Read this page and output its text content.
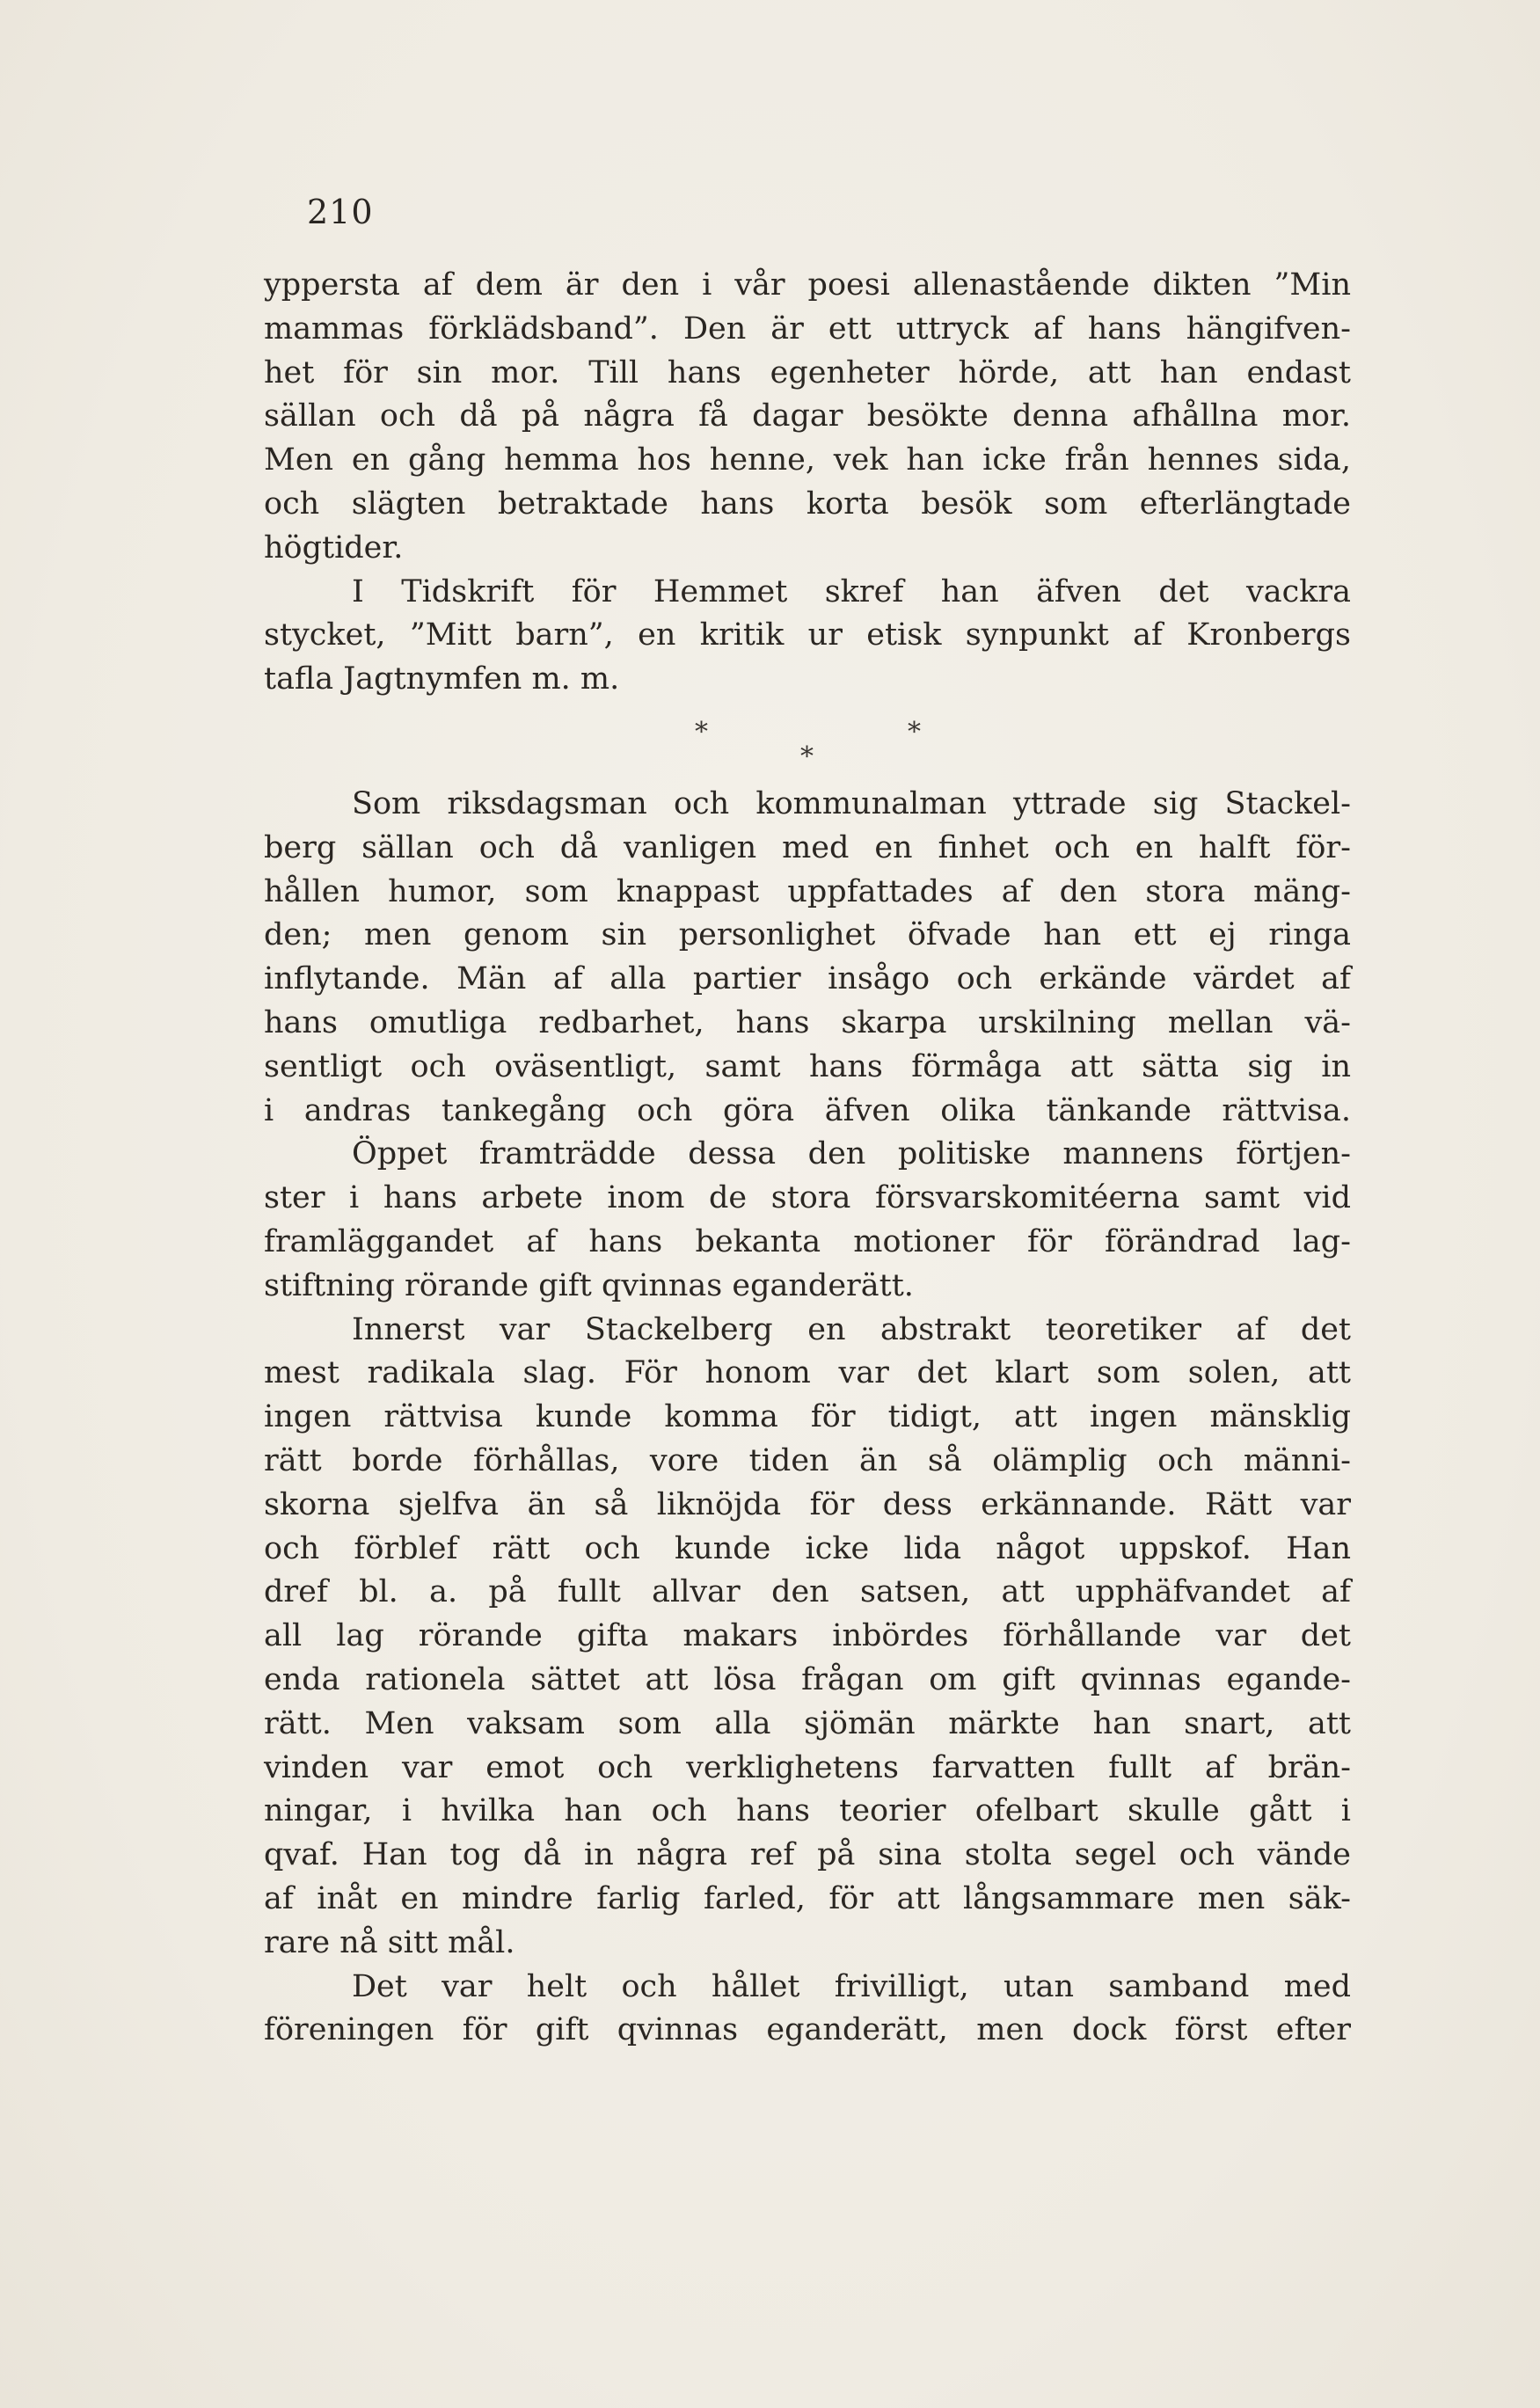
210
yppersta af dem är den i vår poesi allenastående dikten ”Min
mammas förklädsband”. Den är ett uttryck af hans hängifven-
het för sin mor. Till hans egenheter hörde, att han endast
sällan och då på några få dagar besökte denna afhållna mor.
Men en gång hemma hos henne, vek han icke från hennes sida,
och slägten betraktade hans korta besök som efterlängtade
högtider.
I Tidskrift för Hemmet skref han äfven det vackra
stycket, ”Mitt barn”, en kritik ur etisk synpunkt af Kronbergs
tafla Jagtnymfen m. m.
*
*
*
Som riksdagsman och kommunalman yttrade sig Stackel-
berg sällan och då vanligen med en finhet och en halft för-
hållen humor, som knappast uppfattades af den stora mäng-
den; men genom sin personlighet öfvade han ett ej ringa
inflytande. Män af alla partier insågo och erkände värdet af
hans omutliga redbarhet, hans skarpa urskilning mellan vä-
sentligt och oväsentligt, samt hans förmåga att sätta sig in
i andras tankegång och göra äfven olika tänkande rättvisa.
Öppet framträdde dessa den politiske mannens förtjen-
ster i hans arbete inom de stora försvarskomitéerna samt vid
framläggandet af hans bekanta motioner för förändrad lag-
stiftning rörande gift qvinnas eganderätt.
Innerst var Stackelberg en abstrakt teoretiker af det
mest radikala slag. För honom var det klart som solen, att
ingen rättvisa kunde komma för tidigt, att ingen mänsklig
rätt borde förhållas, vore tiden än så olämplig och männi-
skorna sjelfva än så liknöjda för dess erkännande. Rätt var
och förblef rätt och kunde icke lida något uppskof. Han
dref bl. a. på fullt allvar den satsen, att upphäfvandet af
all lag rörande gifta makars inbördes förhållande var det
enda rationela sättet att lösa frågan om gift qvinnas egande-
rätt. Men vaksam som alla sjömän märkte han snart, att
vinden var emot och verklighetens farvatten fullt af brän-
ningar, i hvilka han och hans teorier ofelbart skulle gått i
qvaf. Han tog då in några ref på sina stolta segel och vände
af inåt en mindre farlig farled, för att långsammare men säk-
rare nå sitt mål.
Det var helt och hållet frivilligt, utan samband med
föreningen för gift qvinnas eganderätt, men dock först efter
